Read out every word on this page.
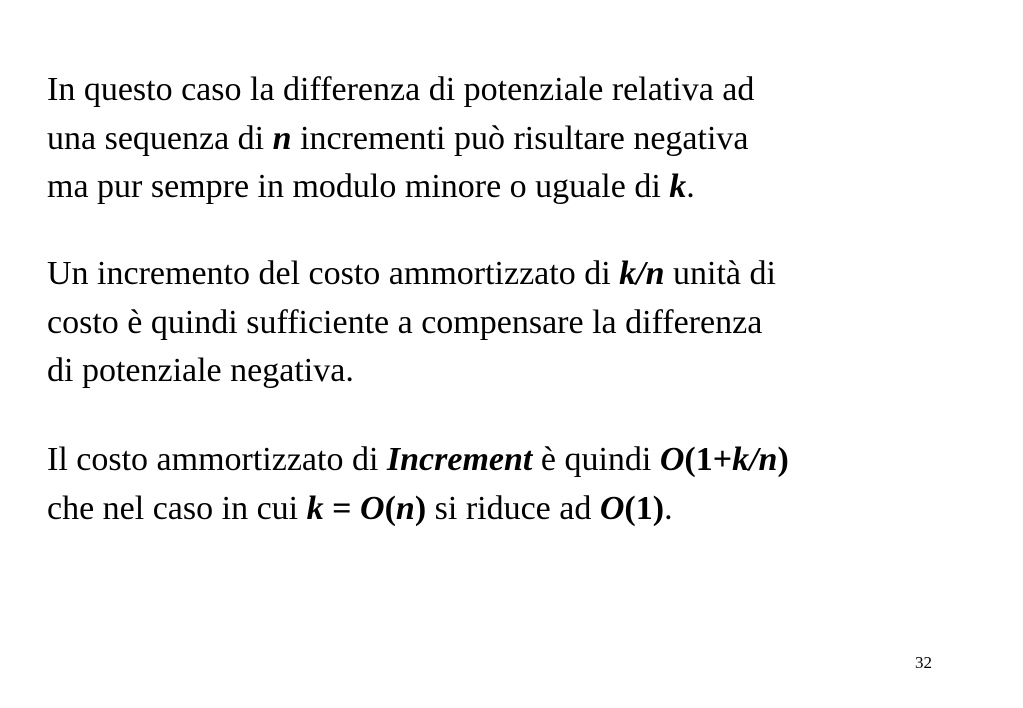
In questo caso la differenza di potenziale relativa ad
una sequenza di n incrementi può risultare negativa
ma pur sempre in modulo minore o uguale di k.
Un incremento del costo ammortizzato di k/n unità di
costo è quindi sufficiente a compensare la differenza
di potenziale negativa.
Il costo ammortizzato di Increment è quindi O(1+k/n)
che nel caso in cui k = O(n) si riduce ad O(1).
32
